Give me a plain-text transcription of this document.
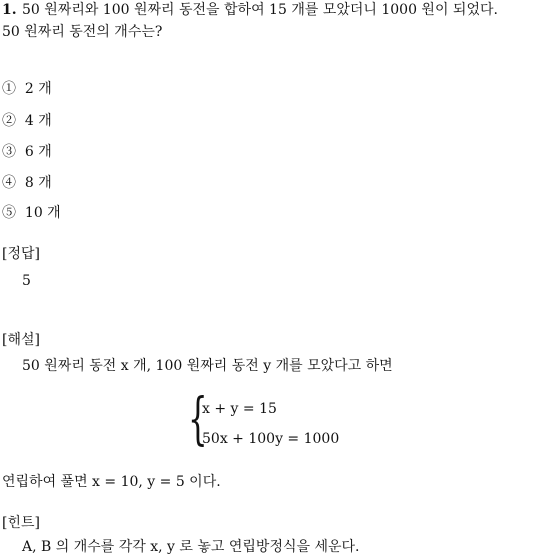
1. 50 원짜리와 100 원짜리 동전을 합하여 15 개를 모았더니 1000 원이 되었다.
50 원짜리 동전의 개수는?
① 2 개
② 4 개
③ 6 개
④ 8 개
⑤ 10 개
[정답]
5
[해설]
50 원짜리 동전 x 개, 100 원짜리 동전 y 개를 모았다고 하면
{
x + y = 15
50x + 100y = 1000
연립하여 풀면 x = 10, y = 5 이다.
[힌트]
A, B 의 개수를 각각 x, y 로 놓고 연립방정식을 세운다.
